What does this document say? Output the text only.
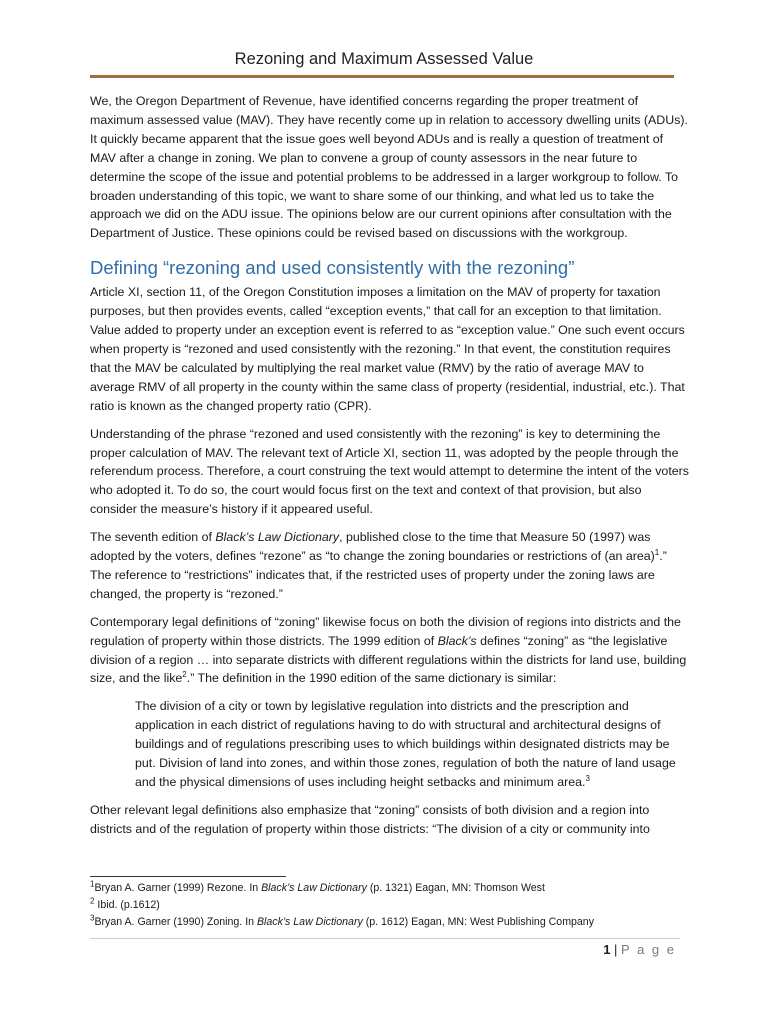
Rezoning and Maximum Assessed Value

We, the Oregon Department of Revenue, have identified concerns regarding the proper treatment of maximum assessed value (MAV). They have recently come up in relation to accessory dwelling units (ADUs). It quickly became apparent that the issue goes well beyond ADUs and is really a question of treatment of MAV after a change in zoning. We plan to convene a group of county assessors in the near future to determine the scope of the issue and potential problems to be addressed in a larger workgroup to follow. To broaden understanding of this topic, we want to share some of our thinking, and what led us to take the approach we did on the ADU issue. The opinions below are our current opinions after consultation with the Department of Justice. These opinions could be revised based on discussions with the workgroup.

Defining “rezoning and used consistently with the rezoning”

Article XI, section 11, of the Oregon Constitution imposes a limitation on the MAV of property for taxation purposes, but then provides events, called “exception events,” that call for an exception to that limitation. Value added to property under an exception event is referred to as “exception value.” One such event occurs when property is “rezoned and used consistently with the rezoning.” In that event, the constitution requires that the MAV be calculated by multiplying the real market value (RMV) by the ratio of average MAV to average RMV of all property in the county within the same class of property (residential, industrial, etc.). That ratio is known as the changed property ratio (CPR).

Understanding of the phrase “rezoned and used consistently with the rezoning” is key to determining the proper calculation of MAV. The relevant text of Article XI, section 11, was adopted by the people through the referendum process. Therefore, a court construing the text would attempt to determine the intent of the voters who adopted it. To do so, the court would focus first on the text and context of that provision, but also consider the measure’s history if it appeared useful.

The seventh edition of Black’s Law Dictionary, published close to the time that Measure 50 (1997) was adopted by the voters, defines “rezone” as “to change the zoning boundaries or restrictions of (an area)$^1$.” The reference to “restrictions” indicates that, if the restricted uses of property under the zoning laws are changed, the property is “rezoned.”

Contemporary legal definitions of “zoning” likewise focus on both the division of regions into districts and the regulation of property within those districts. The 1999 edition of Black’s defines “zoning” as “the legislative division of a region … into separate districts with different regulations within the districts for land use, building size, and the like$^2$.” The definition in the 1990 edition of the same dictionary is similar:

The division of a city or town by legislative regulation into districts and the prescription and application in each district of regulations having to do with structural and architectural designs of buildings and of regulations prescribing uses to which buildings within designated districts may be put. Division of land into zones, and within those zones, regulation of both the nature of land usage and the physical dimensions of uses including height setbacks and minimum area.$^3$

Other relevant legal definitions also emphasize that “zoning” consists of both division and a region into districts and of the regulation of property within those districts: “The division of a city or community into

$^1$Bryan A. Garner (1999) Rezone. In Black’s Law Dictionary (p. 1321) Eagan, MN: Thomson West
$^2$ Ibid. (p.1612)
$^3$Bryan A. Garner (1990) Zoning. In Black’s Law Dictionary (p. 1612) Eagan, MN: West Publishing Company
1 | P a g e
